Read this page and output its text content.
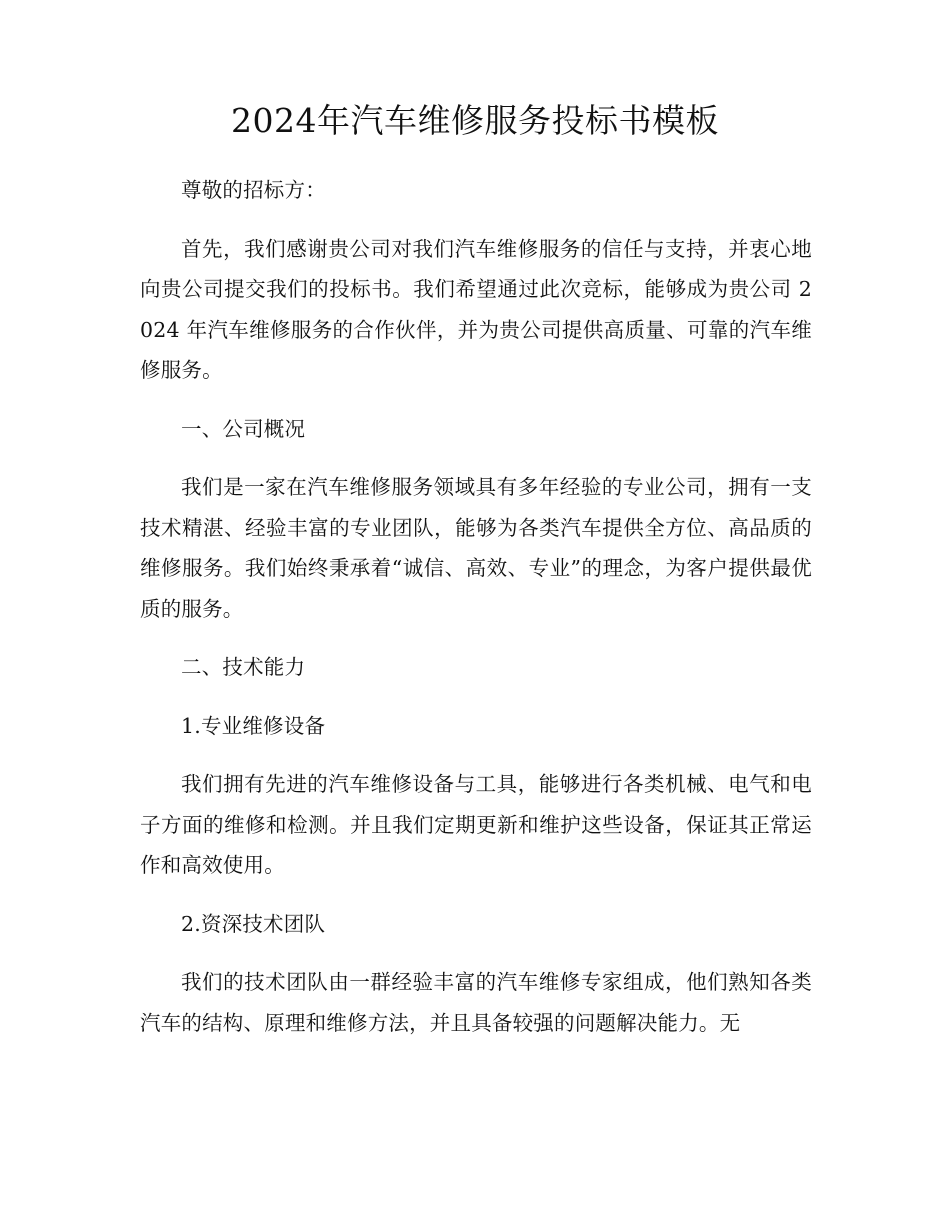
2024年汽车维修服务投标书模板

尊敬的招标方：

首先，我们感谢贵公司对我们汽车维修服务的信任与支持，并衷心地向贵公司提交我们的投标书。我们希望通过此次竞标，能够成为贵公司 2024 年汽车维修服务的合作伙伴，并为贵公司提供高质量、可靠的汽车维修服务。

一、公司概况

我们是一家在汽车维修服务领域具有多年经验的专业公司，拥有一支技术精湛、经验丰富的专业团队，能够为各类汽车提供全方位、高品质的维修服务。我们始终秉承着“诚信、高效、专业”的理念，为客户提供最优质的服务。

二、技术能力

1.专业维修设备

我们拥有先进的汽车维修设备与工具，能够进行各类机械、电气和电子方面的维修和检测。并且我们定期更新和维护这些设备，保证其正常运作和高效使用。

2.资深技术团队

我们的技术团队由一群经验丰富的汽车维修专家组成，他们熟知各类汽车的结构、原理和维修方法，并且具备较强的问题解决能力。无
